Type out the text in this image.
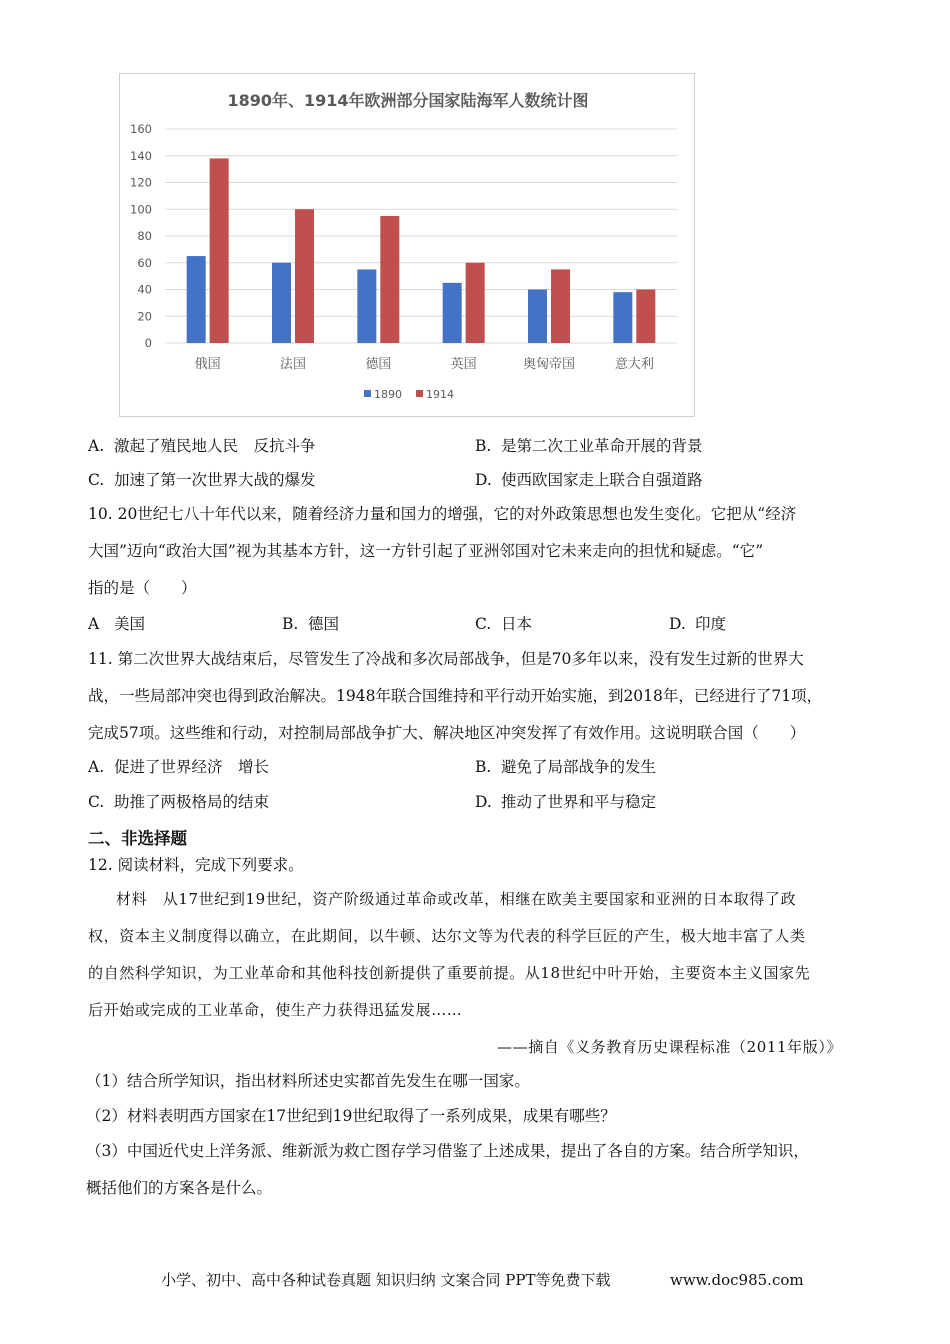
1890年、1914年欧洲部分国家陆海军人数统计图
0
20
40
60
80
100
120
140
160
俄国	法国	德国	英国	奥匈帝国	意大利
1890 1914
A. 激起了殖民地人民　反抗斗争	B. 是第二次工业革命开展的背景
C. 加速了第一次世界大战的爆发	D. 使西欧国家走上联合自强道路
10. 20世纪七八十年代以来，随着经济力量和国力的增强，它的对外政策思想也发生变化。它把从“经济
大国”迈向“政治大国”视为其基本方针，这一方针引起了亚洲邻国对它未来走向的担忧和疑虑。“它”
指的是（　　）
A 美国	B. 德国	C. 日本	D. 印度
11. 第二次世界大战结束后，尽管发生了冷战和多次局部战争，但是70多年以来，没有发生过新的世界大
战，一些局部冲突也得到政治解决。1948年联合国维持和平行动开始实施，到2018年，已经进行了71项，
完成57项。这些维和行动，对控制局部战争扩大、解决地区冲突发挥了有效作用。这说明联合国（　　）
A. 促进了世界经济　增长	B. 避免了局部战争的发生
C. 助推了两极格局的结束	D. 推动了世界和平与稳定
二、非选择题
12. 阅读材料，完成下列要求。
材料　从17世纪到19世纪，资产阶级通过革命或改革，相继在欧美主要国家和亚洲的日本取得了政
权，资本主义制度得以确立，在此期间，以牛顿、达尔文等为代表的科学巨匠的产生，极大地丰富了人类
的自然科学知识，为工业革命和其他科技创新提供了重要前提。从18世纪中叶开始，主要资本主义国家先
后开始或完成的工业革命，使生产力获得迅猛发展……
——摘自《义务教育历史课程标准（2011年版）》
（1）结合所学知识，指出材料所述史实都首先发生在哪一国家。
（2）材料表明西方国家在17世纪到19世纪取得了一系列成果，成果有哪些？
（3）中国近代史上洋务派、维新派为救亡图存学习借鉴了上述成果，提出了各自的方案。结合所学知识，
概括他们的方案各是什么。
小学、初中、高中各种试卷真题 知识归纳 文案合同 PPT等免费下载	www.doc985.com
